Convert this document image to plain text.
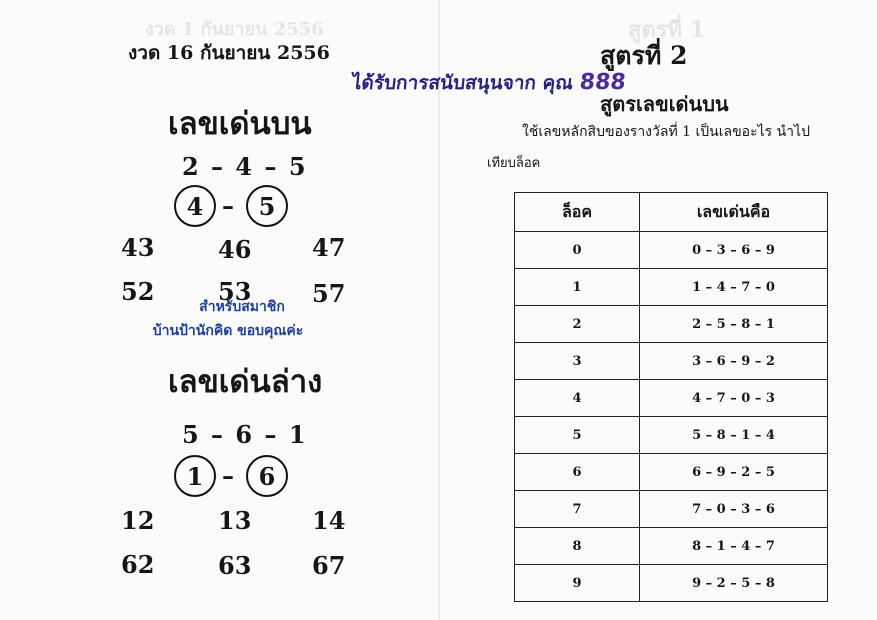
งวด 1 กันยายน 2556	สูตรที่ 1
งวด 16 กันยายน 2556
เลขเด่นบน
2 – 4 – 5
4 –	5
43	46	47
52	53	57
สำหรับสมาชิก
บ้านป้านักคิด ขอบคุณค่ะ
เลขเด่นล่าง
5 – 6 – 1
1 –	6
12	13	14
62	63	67
ได้รับการสนับสนุนจาก คุณ 888
สูตรที่ 2
สูตรเลขเด่นบน
ใช้เลขหลักสิบของรางวัลที่ 1 เป็นเลขอะไร นำไป
เทียบล็อค
ล็อค	เลขเด่นคือ
0	0 – 3 – 6 – 9
1	1 – 4 – 7 – 0
2	2 – 5 – 8 – 1
3	3 – 6 – 9 – 2
4	4 – 7 – 0 – 3
5	5 – 8 – 1 – 4
6	6 – 9 – 2 – 5
7	7 – 0 – 3 – 6
8	8 – 1 – 4 – 7
9	9 – 2 – 5 – 8
